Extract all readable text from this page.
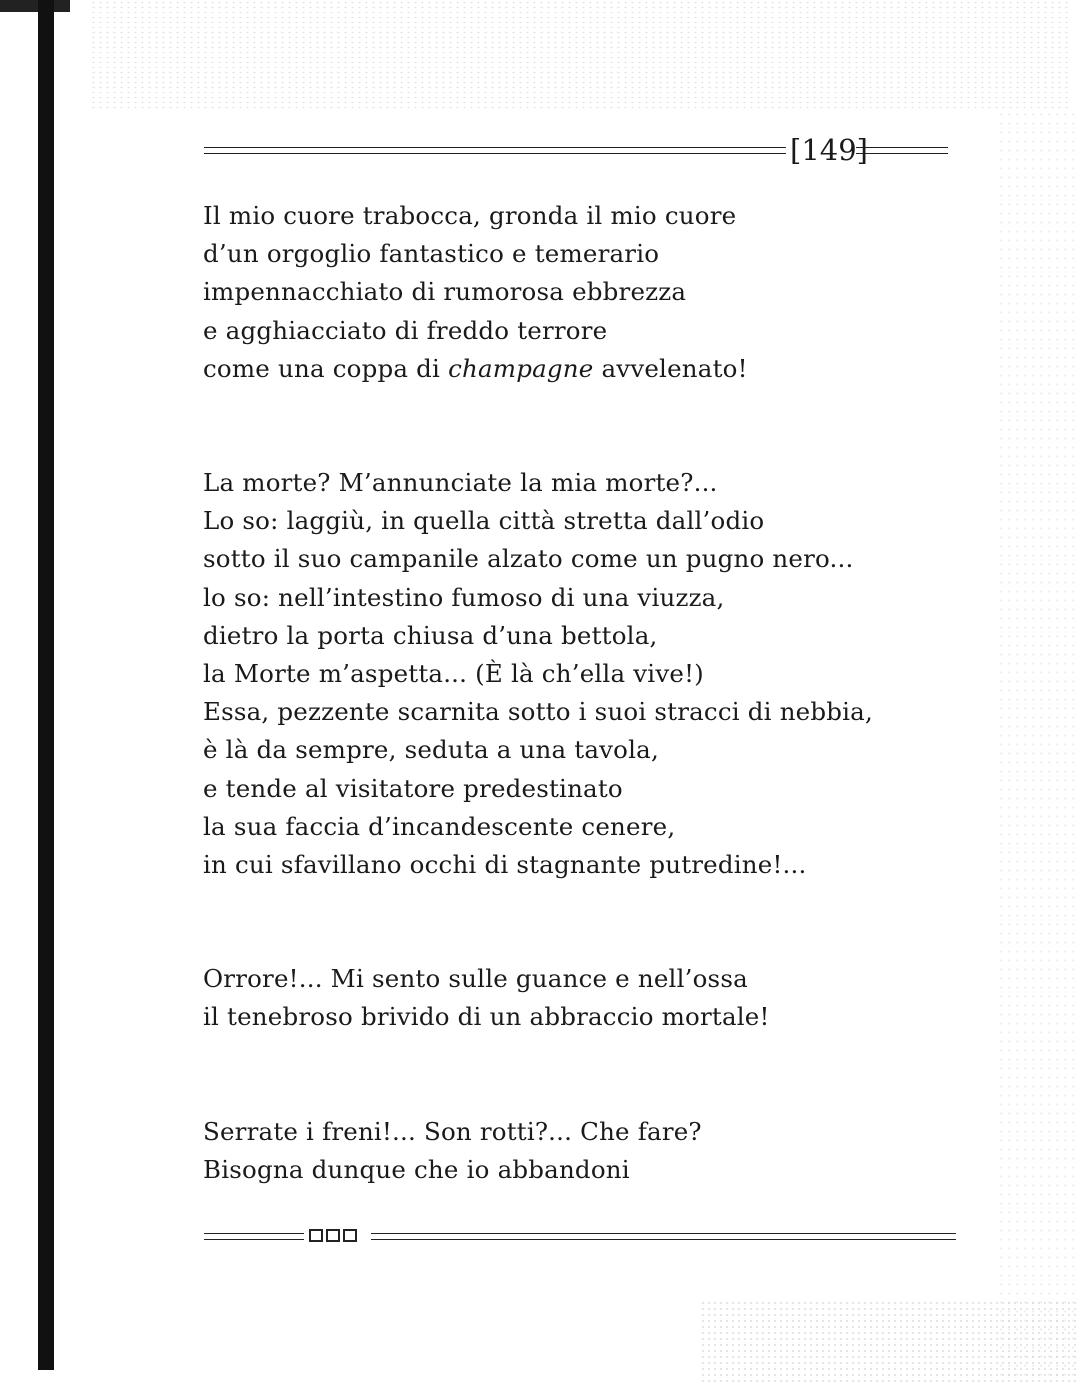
[149]
Il mio cuore trabocca, gronda il mio cuore
d’un orgoglio fantastico e temerario
impennacchiato di rumorosa ebbrezza
e agghiacciato di freddo terrore
come una coppa di champagne avvelenato!
La morte? M’annunciate la mia morte?...
Lo so: laggiù, in quella città stretta dall’odio
sotto il suo campanile alzato come un pugno nero...
lo so: nell’intestino fumoso di una viuzza,
dietro la porta chiusa d’una bettola,
la Morte m’aspetta... (È là ch’ella vive!)
Essa, pezzente scarnita sotto i suoi stracci di nebbia,
è là da sempre, seduta a una tavola,
e tende al visitatore predestinato
la sua faccia d’incandescente cenere,
in cui sfavillano occhi di stagnante putredine!...
Orrore!... Mi sento sulle guance e nell’ossa
il tenebroso brivido di un abbraccio mortale!
Serrate i freni!... Son rotti?... Che fare?
Bisogna dunque che io abbandoni
